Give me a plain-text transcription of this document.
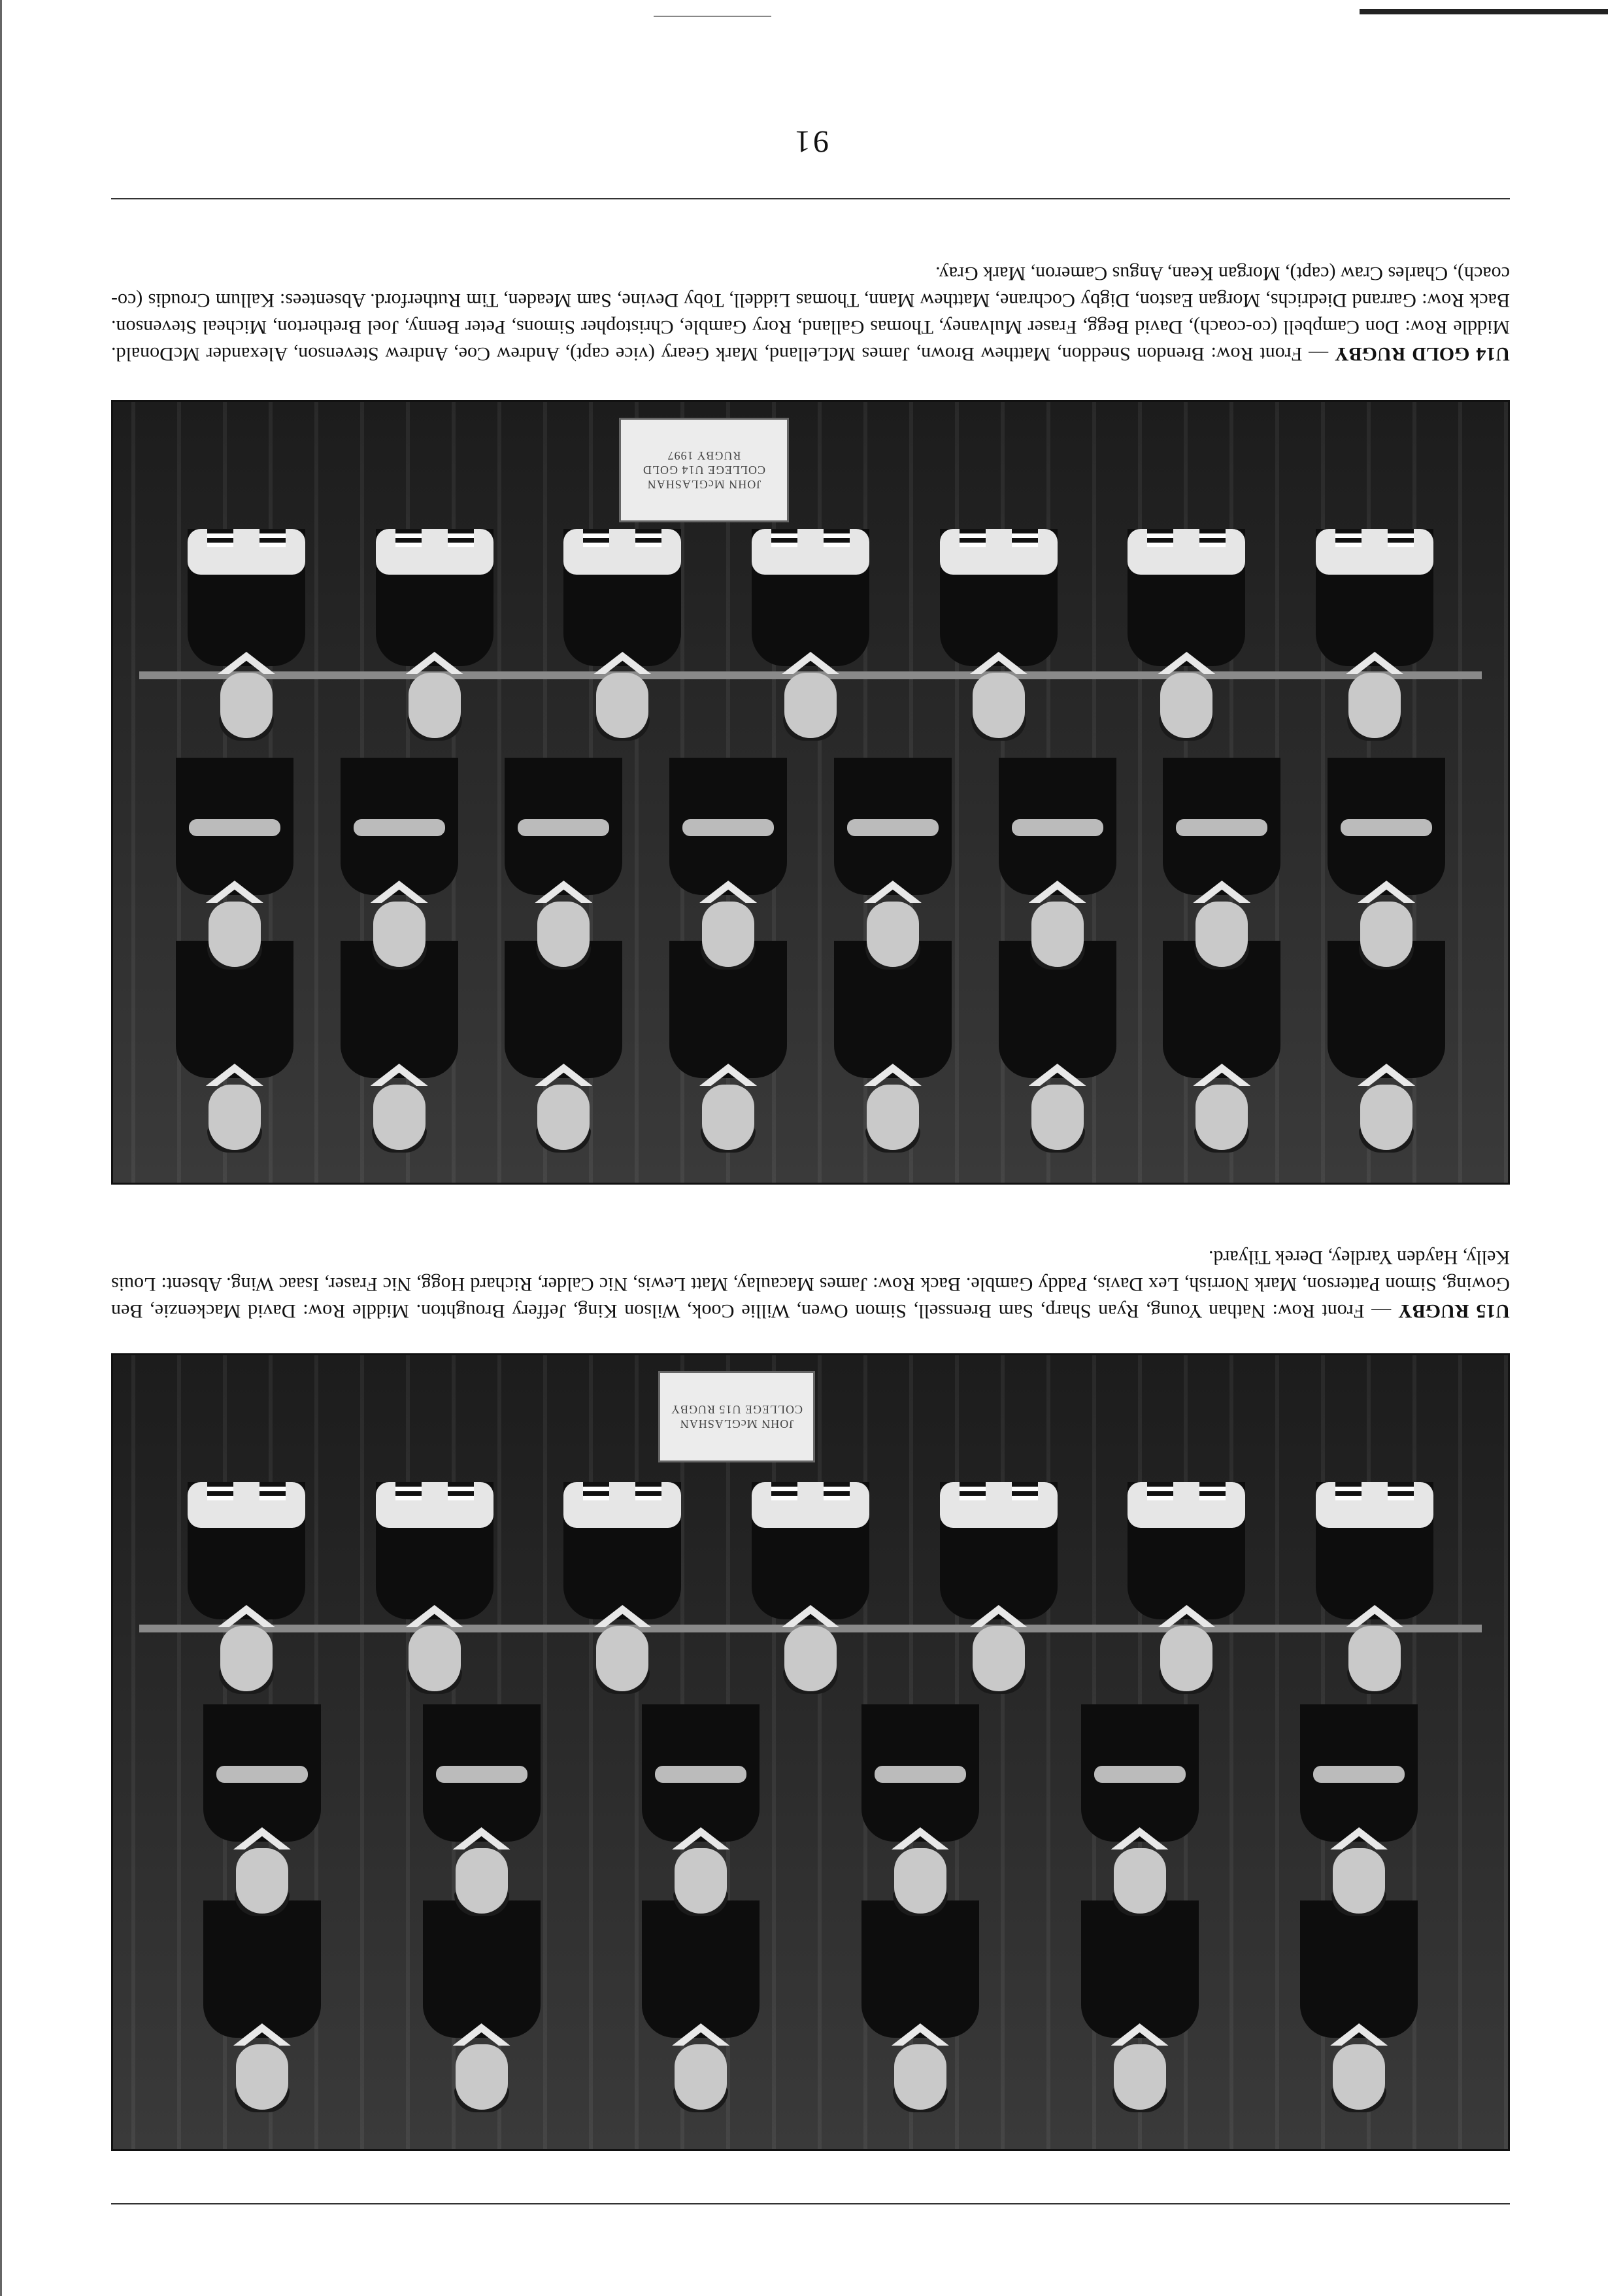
JOHN McGLASHAN COLLEGE U15 RUGBY

U15 RUGBY — Front Row: Nathan Young, Ryan Sharp, Sam Brenssell, Simon Owen, Willie Cook, Wilson King, Jeffery Broughton. Middle Row: David Mackenzie, Ben Gowing, Simon Patterson, Mark Norrish, Lex Davis, Paddy Gamble. Back Row: James Macaulay, Matt Lewis, Nic Calder, Richard Hogg, Nic Fraser, Isaac Wing. Absent: Louis Kelly, Hayden Yardley, Derek Tilyard.

JOHN McGLASHAN COLLEGE U14 GOLD RUGBY 1997

U14 GOLD RUGBY — Front Row: Brendon Sneddon, Matthew Brown, James McLelland, Mark Geary (vice capt), Andrew Coe, Andrew Stevenson, Alexander McDonald. Middle Row: Don Campbell (co-coach), David Begg, Fraser Mulvaney, Thomas Galland, Rory Gamble, Christopher Simons, Peter Benny, Joel Bretherton, Micheal Stevenson. Back Row: Garrand Diedrichs, Morgan Easton, Digby Cochrane, Matthew Mann, Thomas Liddell, Toby Devine, Sam Meaden, Tim Rutherford. Absentees: Kallum Croudis (co-coach), Charles Craw (capt), Morgan Kean, Angus Cameron, Mark Gray.

91
